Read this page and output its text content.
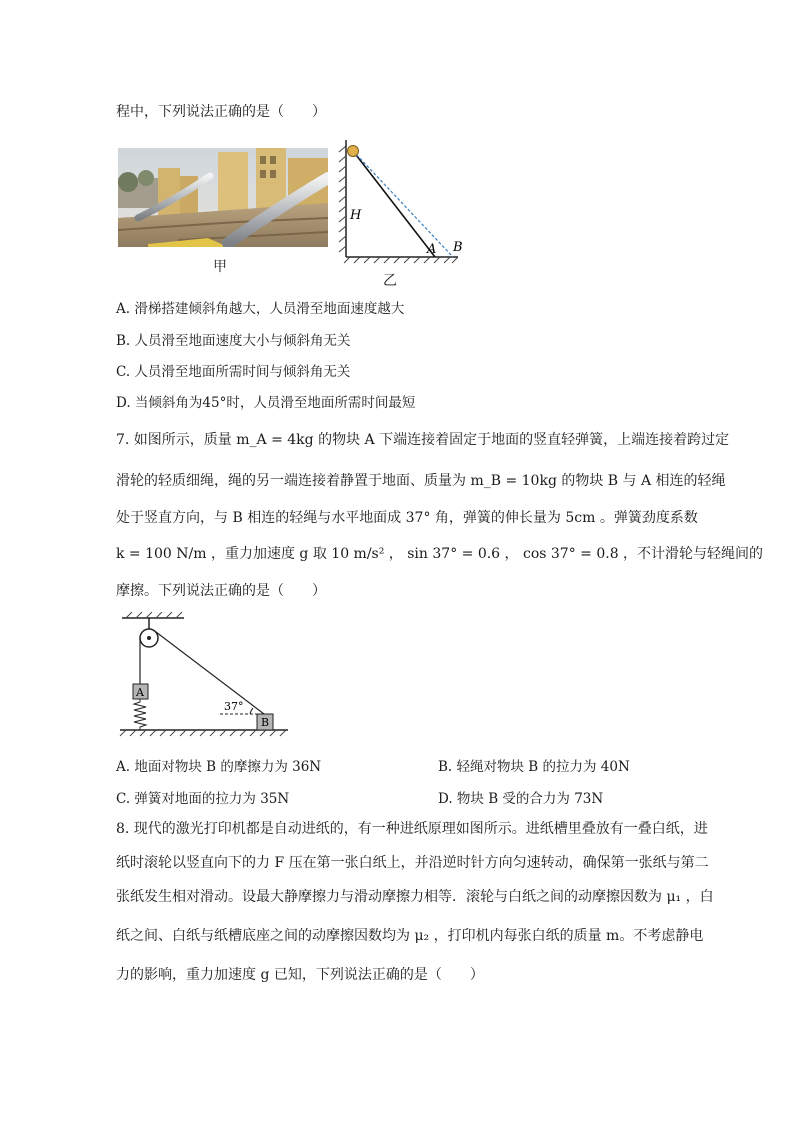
程中，下列说法正确的是（　　）
甲
H
A B
乙
A. 滑梯搭建倾斜角越大，人员滑至地面速度越大
B. 人员滑至地面速度大小与倾斜角无关
C. 人员滑至地面所需时间与倾斜角无关
D. 当倾斜角为45°时，人员滑至地面所需时间最短
7. 如图所示，质量 m_A = 4kg 的物块 A 下端连接着固定于地面的竖直轻弹簧，上端连接着跨过定
滑轮的轻质细绳，绳的另一端连接着静置于地面、质量为 m_B = 10kg 的物块 B 与 A 相连的轻绳
处于竖直方向，与 B 相连的轻绳与水平地面成 37° 角，弹簧的伸长量为 5cm 。弹簧劲度系数
k = 100 N/m ，重力加速度 g 取 10 m/s² ， sin 37° = 0.6 ， cos 37° = 0.8 ，不计滑轮与轻绳间的
摩擦。下列说法正确的是（　　）
A
B
37°
A. 地面对物块 B 的摩擦力为 36N	B. 轻绳对物块 B 的拉力为 40N
C. 弹簧对地面的拉力为 35N	D. 物块 B 受的合力为 73N
8. 现代的激光打印机都是自动进纸的，有一种进纸原理如图所示。进纸槽里叠放有一叠白纸，进
纸时滚轮以竖直向下的力 F 压在第一张白纸上，并沿逆时针方向匀速转动，确保第一张纸与第二
张纸发生相对滑动。设最大静摩擦力与滑动摩擦力相等．滚轮与白纸之间的动摩擦因数为 μ₁ ，白
纸之间、白纸与纸槽底座之间的动摩擦因数均为 μ₂ ，打印机内每张白纸的质量 m。不考虑静电
力的影响，重力加速度 g 已知，下列说法正确的是（　　）
